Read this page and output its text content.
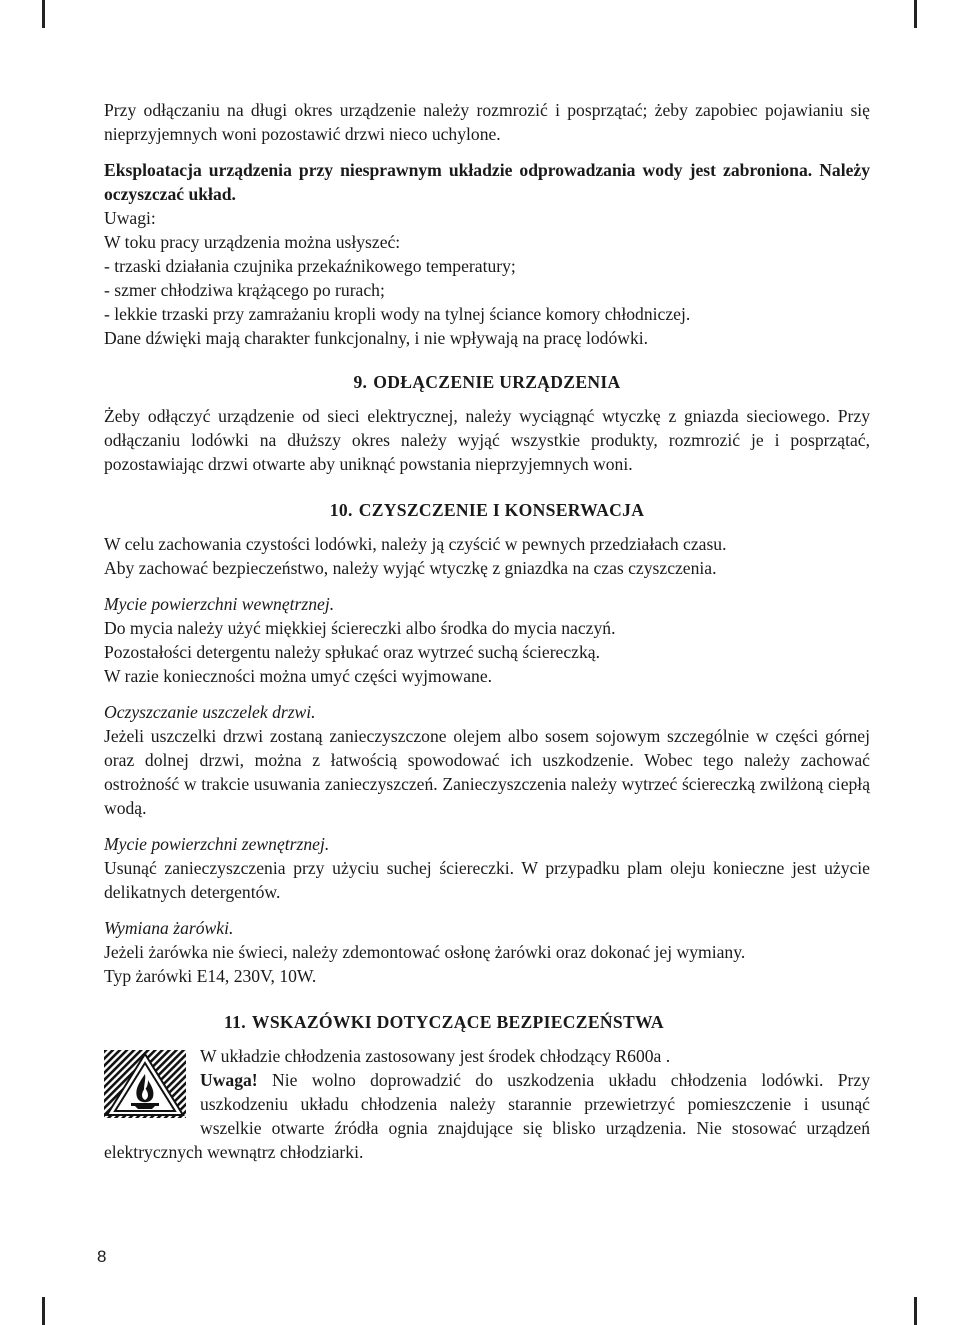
Przy odłączaniu na długi okres urządzenie należy rozmrozić i posprzątać; żeby zapobiec pojawianiu się nieprzyjemnych woni pozostawić drzwi nieco uchylone.

Eksploatacja urządzenia przy niesprawnym układzie odprowadzania wody jest zabroniona. Należy oczyszczać układ.

Uwagi:

W toku pracy urządzenia można usłyszeć:

- trzaski działania czujnika przekaźnikowego temperatury;

- szmer chłodziwa krążącego po rurach;

- lekkie trzaski przy zamrażaniu kropli wody na tylnej ściance komory chłodniczej.

Dane dźwięki mają charakter funkcjonalny, i nie wpływają na pracę lodówki.

9. ODŁĄCZENIE URZĄDZENIA

Żeby odłączyć urządzenie od sieci elektrycznej, należy wyciągnąć wtyczkę z gniazda sieciowego. Przy odłączaniu lodówki na dłuższy okres należy wyjąć wszystkie produkty, rozmrozić je i posprzątać, pozostawiając drzwi otwarte aby uniknąć powstania nieprzyjemnych woni.

10. CZYSZCZENIE I KONSERWACJA

W celu zachowania czystości lodówki, należy ją czyścić w pewnych przedziałach czasu.

Aby zachować bezpieczeństwo, należy wyjąć wtyczkę z gniazdka na czas czyszczenia.

Mycie powierzchni wewnętrznej.

Do mycia należy użyć miękkiej ściereczki albo środka do mycia naczyń.

Pozostałości detergentu należy spłukać oraz wytrzeć suchą ściereczką.

W razie konieczności można umyć części wyjmowane.

Oczyszczanie uszczelek drzwi.

Jeżeli uszczelki drzwi zostaną zanieczyszczone olejem albo sosem sojowym szczególnie w części górnej oraz dolnej drzwi, można z łatwością spowodować ich uszkodzenie. Wobec tego należy zachować ostrożność w trakcie usuwania zanieczyszczeń. Zanieczyszczenia należy wytrzeć ściereczką zwilżoną ciepłą wodą.

Mycie powierzchni zewnętrznej.

Usunąć zanieczyszczenia przy użyciu suchej ściereczki. W przypadku plam oleju konieczne jest użycie delikatnych detergentów.

Wymiana żarówki.

Jeżeli żarówka nie świeci, należy zdemontować osłonę żarówki oraz dokonać jej wymiany.

Typ żarówki E14, 230V, 10W.

11. WSKAZÓWKI DOTYCZĄCE BEZPIECZEŃSTWA

W układzie chłodzenia zastosowany jest środek chłodzący R600a .

Uwaga! Nie wolno doprowadzić do uszkodzenia układu chłodzenia lodówki. Przy uszkodzeniu układu chłodzenia należy starannie przewietrzyć pomieszczenie i usunąć wszelkie otwarte źródła ognia znajdujące się blisko urządzenia. Nie stosować urządzeń elektrycznych wewnątrz chłodziarki.

8
